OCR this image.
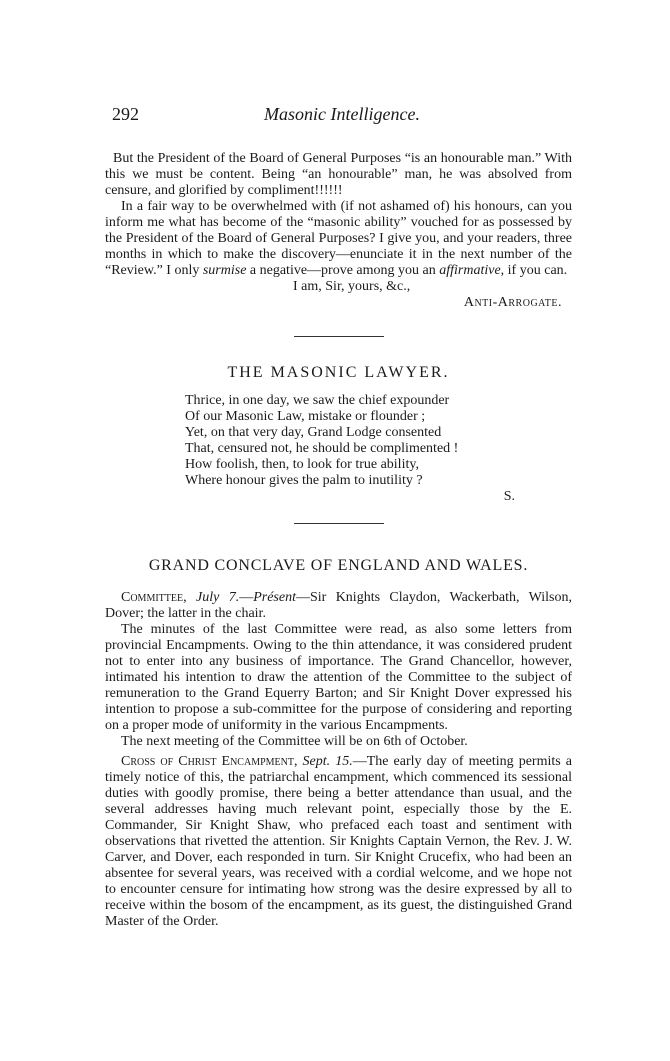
292	Masonic Intelligence.

But the President of the Board of General Purposes “is an honourable man.” With this we must be content. Being “an honourable” man, he was absolved from censure, and glorified by compliment!!!!!!

In a fair way to be overwhelmed with (if not ashamed of) his honours, can you inform me what has become of the “masonic ability” vouched for as possessed by the President of the Board of General Purposes? I give you, and your readers, three months in which to make the discovery—enunciate it in the next number of the “Review.” I only surmise a negative—prove among you an affirmative, if you can.

I am, Sir, yours, &c.,
Anti-Arrogate.
THE MASONIC LAWYER.
Thrice, in one day, we saw the chief expounder
Of our Masonic Law, mistake or flounder ;
Yet, on that very day, Grand Lodge consented
That, censured not, he should be complimented !
How foolish, then, to look for true ability,
Where honour gives the palm to inutility ?
S.
GRAND CONCLAVE OF ENGLAND AND WALES.

Committee, July 7.—Présent—Sir Knights Claydon, Wackerbath, Wilson, Dover; the latter in the chair.

The minutes of the last Committee were read, as also some letters from provincial Encampments. Owing to the thin attendance, it was considered prudent not to enter into any business of importance. The Grand Chancellor, however, intimated his intention to draw the attention of the Committee to the subject of remuneration to the Grand Equerry Barton; and Sir Knight Dover expressed his intention to propose a sub-committee for the purpose of considering and reporting on a proper mode of uniformity in the various Encampments.

The next meeting of the Committee will be on 6th of October.

Cross of Christ Encampment, Sept. 15.—The early day of meeting permits a timely notice of this, the patriarchal encampment, which commenced its sessional duties with goodly promise, there being a better attendance than usual, and the several addresses having much relevant point, especially those by the E. Commander, Sir Knight Shaw, who prefaced each toast and sentiment with observations that rivetted the attention. Sir Knights Captain Vernon, the Rev. J. W. Carver, and Dover, each responded in turn. Sir Knight Crucefix, who had been an absentee for several years, was received with a cordial welcome, and we hope not to encounter censure for intimating how strong was the desire expressed by all to receive within the bosom of the encampment, as its guest, the distinguished Grand Master of the Order.
